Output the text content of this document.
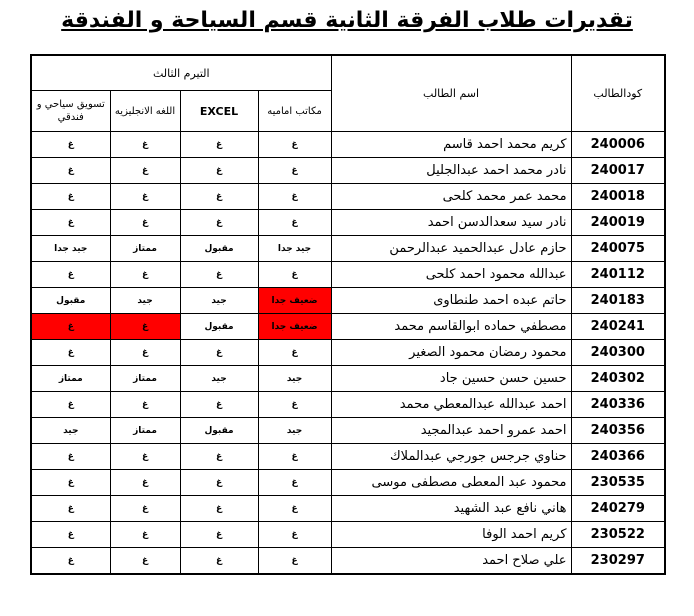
تقديرات طلاب الفرقة الثانية قسم السياحة و الفندقة
كودالطالب	اسم الطالب	التيرم الثالث			
		مكاتب اماميه	EXCEL	اللغه الانجليزيه	تسويق سياحي و فندقي
240006	كريم محمد احمد قاسم	غ	غ	غ	غ
240017	نادر محمد احمد عبدالجليل	غ	غ	غ	غ
240018	محمد عمر محمد كلحى	غ	غ	غ	غ
240019	نادر سيد سعدالدسن احمد	غ	غ	غ	غ
240075	حازم عادل عبدالحميد عبدالرحمن	جيد جدا	مقبول	ممتاز	جيد جدا
240112	عبدالله محمود احمد كلحى	غ	غ	غ	غ
240183	حاتم عبده احمد طنطاوى	ضعيف جدا	جيد	جيد	مقبول
240241	مصطفي حماده ابوالقاسم محمد	ضعيف جدا	مقبول	غ	غ
240300	محمود رمضان محمود الصغير	غ	غ	غ	غ
240302	حسين حسن حسين جاد	جيد	جيد	ممتاز	ممتاز
240336	احمد عبدالله عبدالمعطي محمد	غ	غ	غ	غ
240356	احمد عمرو احمد عبدالمجيد	جيد	مقبول	ممتاز	جيد
240366	حناوي جرجس جورجي عبدالملاك	غ	غ	غ	غ
230535	محمود عبد المعطى مصطفى موسى	غ	غ	غ	غ
240279	هاني نافع عبد الشهيد	غ	غ	غ	غ
230522	كريم احمد الوفا	غ	غ	غ	غ
230297	علي صلاح احمد	غ	غ	غ	غ
